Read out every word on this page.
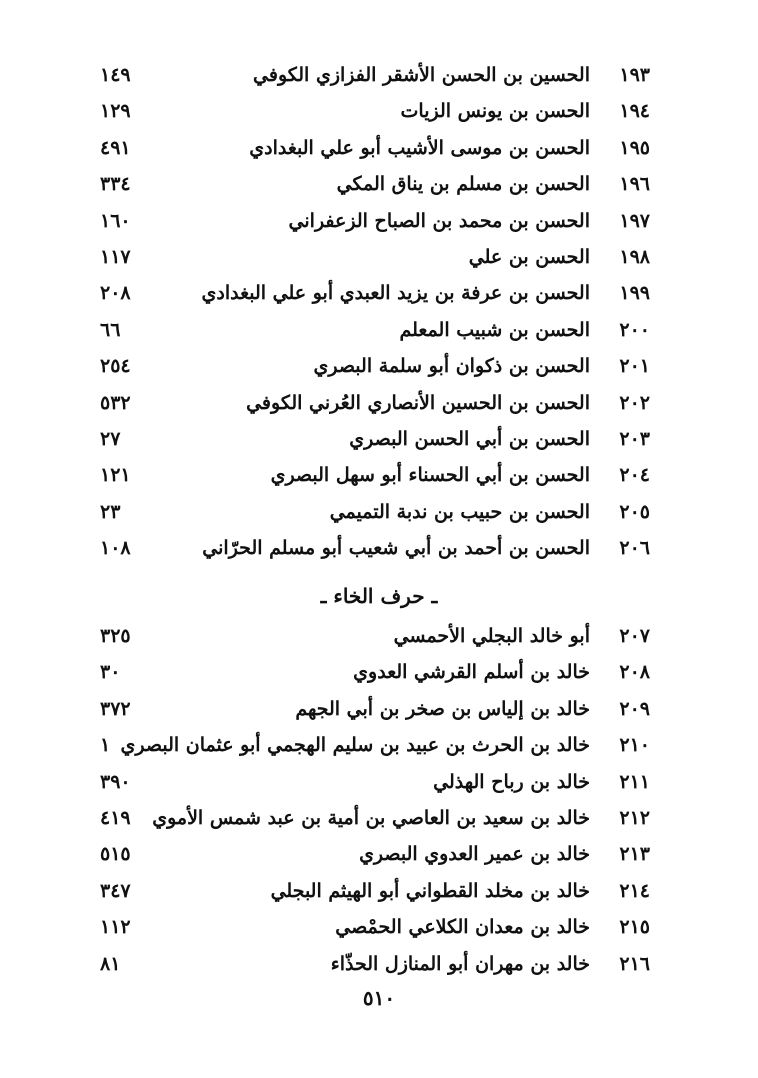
١٩٣
الحسين بن الحسن الأشقر الفزازي الكوفي
١٤٩
١٩٤
الحسن بن يونس الزيات
١٢٩
١٩٥
الحسن بن موسى الأشيب أبو علي البغدادي
٤٩١
١٩٦
الحسن بن مسلم بن يناق المكي
٣٣٤
١٩٧
الحسن بن محمد بن الصباح الزعفراني
١٦٠
١٩٨
الحسن بن علي
١١٧
١٩٩
الحسن بن عرفة بن يزيد العبدي أبو علي البغدادي
٢٠٨
٢٠٠
الحسن بن شبيب المعلم
٦٦
٢٠١
الحسن بن ذكوان أبو سلمة البصري
٢٥٤
٢٠٢
الحسن بن الحسين الأنصاري العُرني الكوفي
٥٣٢
٢٠٣
الحسن بن أبي الحسن البصري
٢٧
٢٠٤
الحسن بن أبي الحسناء أبو سهل البصري
١٢١
٢٠٥
الحسن بن حبيب بن ندبة التميمي
٢٣
٢٠٦
الحسن بن أحمد بن أبي شعيب أبو مسلم الحرّاني
١٠٨
ـ حرف الخاء ـ
٢٠٧
أبو خالد البجلي الأحمسي
٣٢٥
٢٠٨
خالد بن أسلم القرشي العدوي
٣٠
٢٠٩
خالد بن إلياس بن صخر بن أبي الجهم
٣٧٢
٢١٠
خالد بن الحرث بن عبيد بن سليم الهجمي أبو عثمان البصري
١
٢١١
خالد بن رباح الهذلي
٣٩٠
٢١٢
خالد بن سعيد بن العاصي بن أمية بن عبد شمس الأموي
٤١٩
٢١٣
خالد بن عمير العدوي البصري
٥١٥
٢١٤
خالد بن مخلد القطواني أبو الهيثم البجلي
٣٤٧
٢١٥
خالد بن معدان الكلاعي الحمْصي
١١٢
٢١٦
خالد بن مهران أبو المنازل الحذّاء
٨١
٥١٠
